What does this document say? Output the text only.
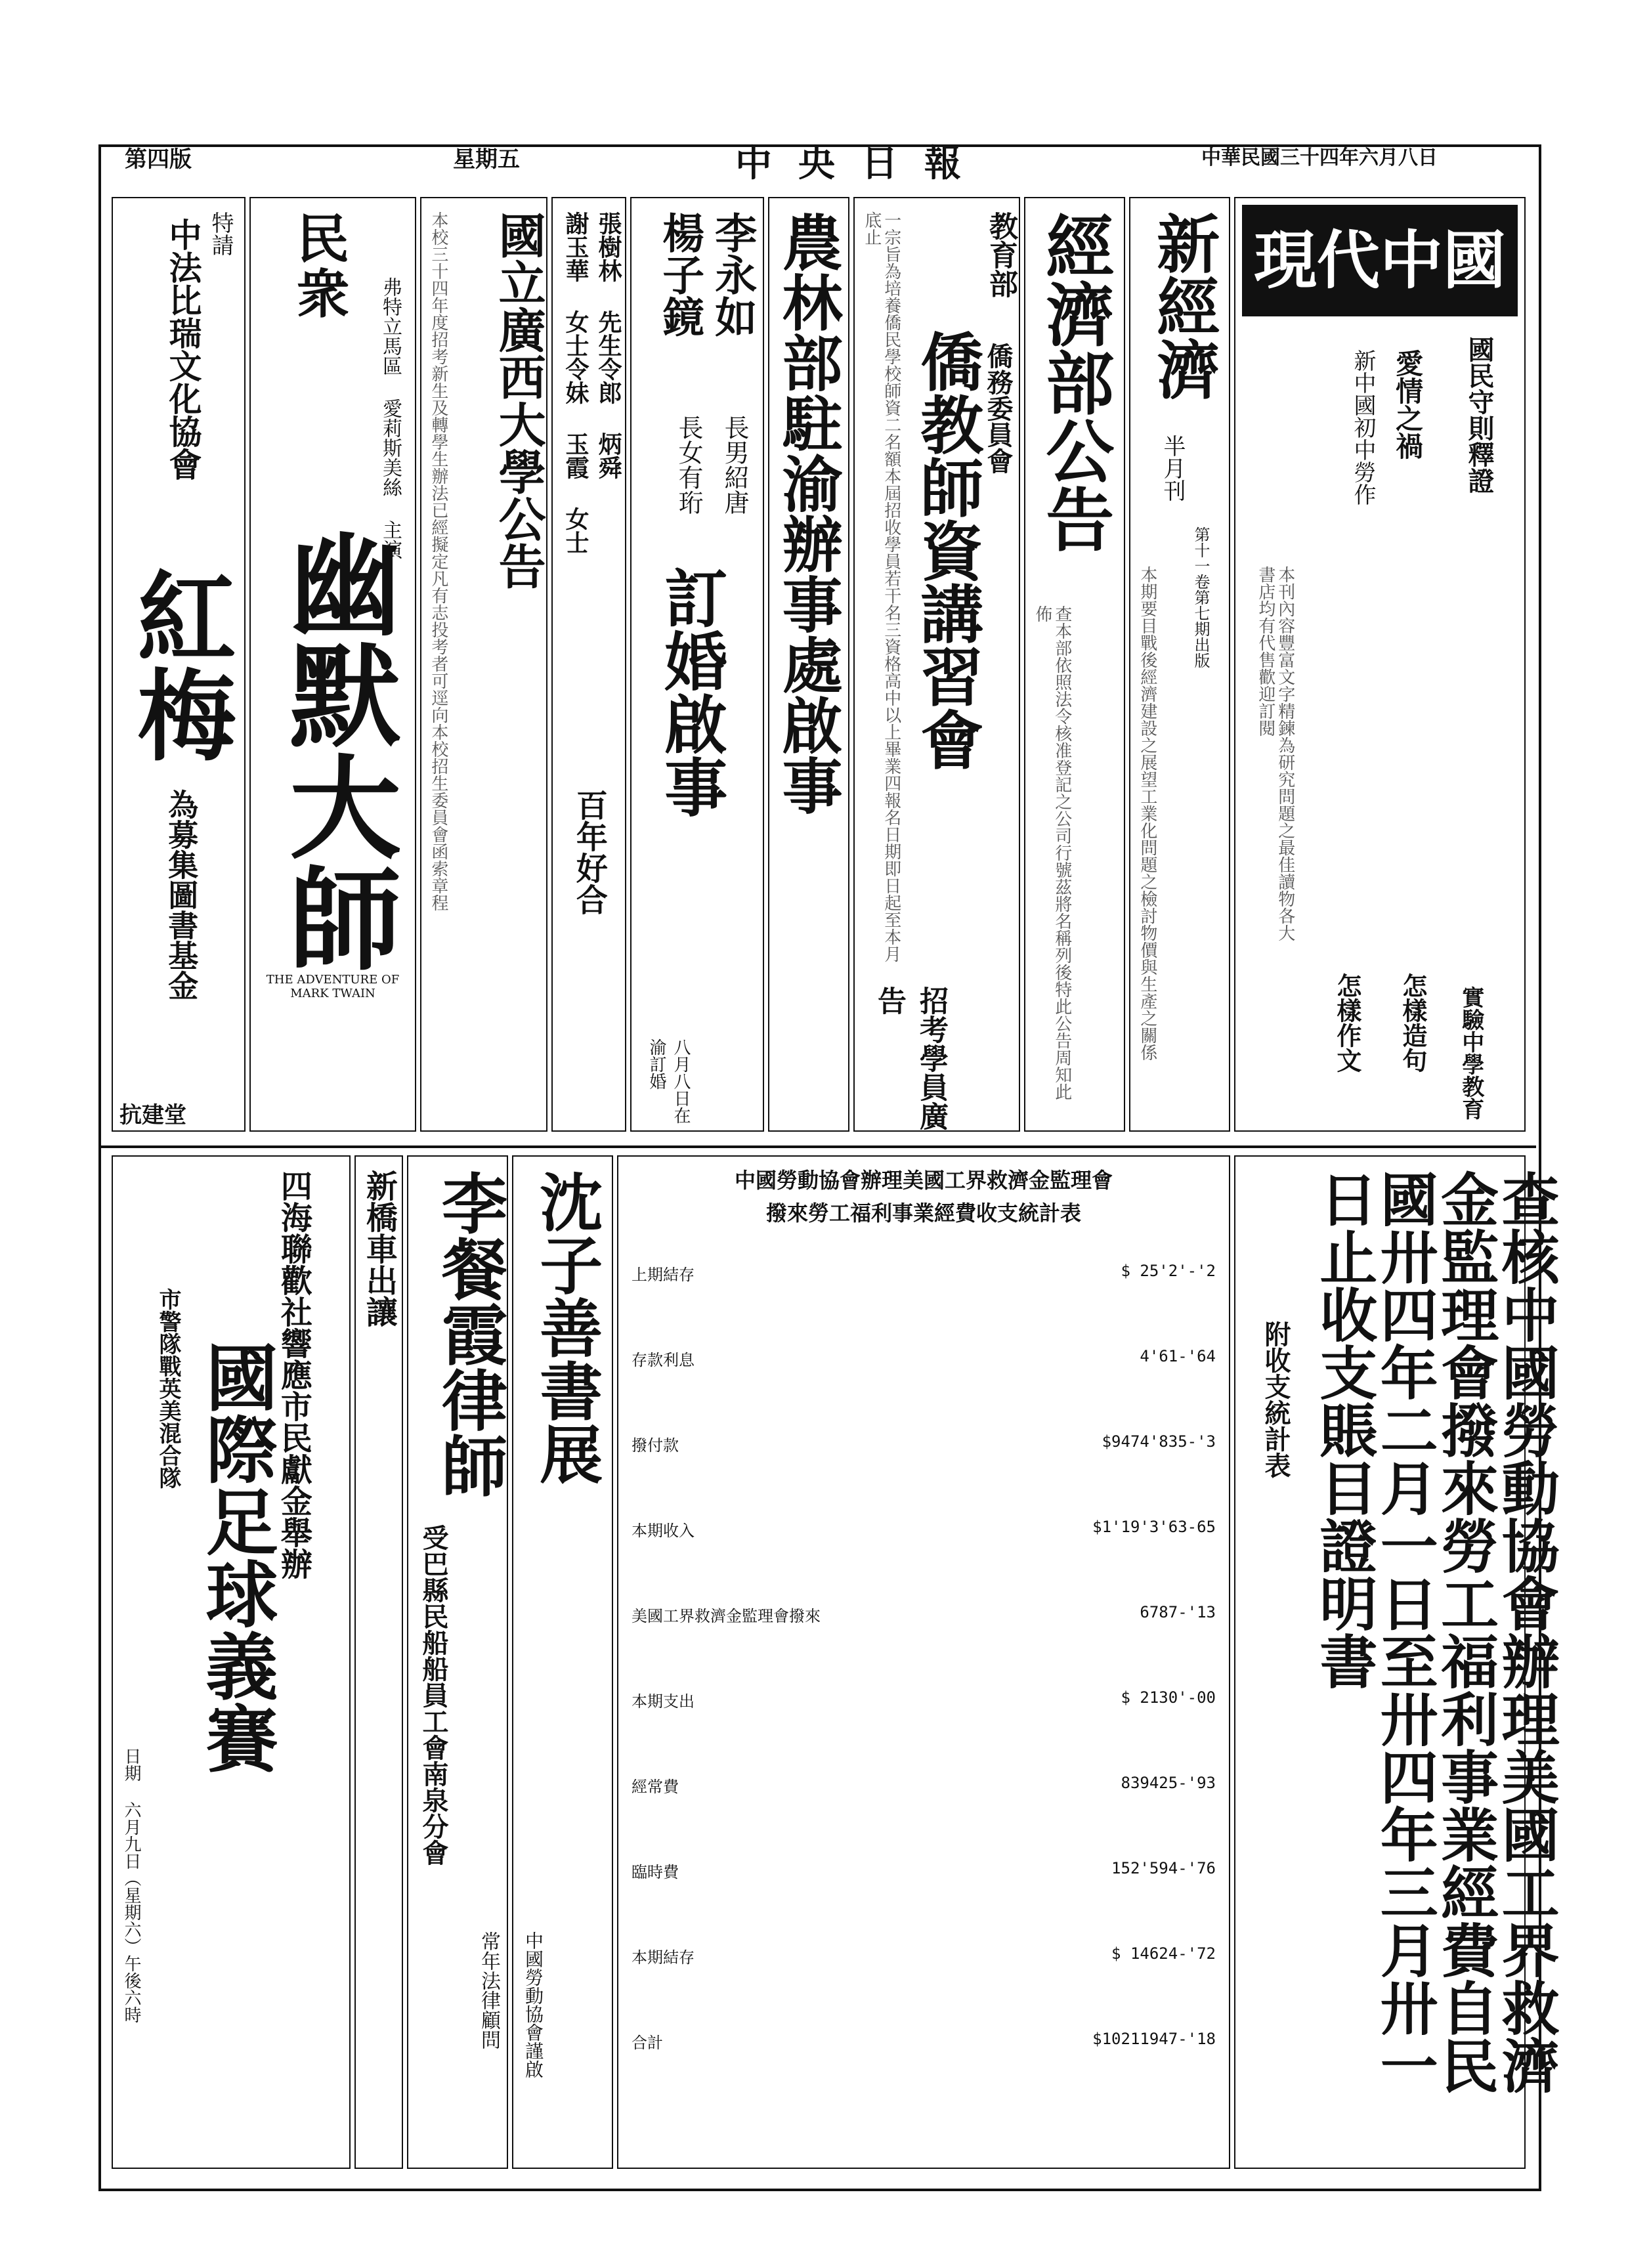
第四版	星期五	中央日報	中華民國三十四年六月八日
現代中國
國民守則釋證
愛情之禍
新中國初中勞作
本刊內容豐富文字精鍊為研究問題之最佳讀物各大書店均有代售歡迎訂閱
實驗中學教育
怎樣造句
怎樣作文
新經濟
半月刊
第十一卷第七期出版
本期要目戰後經濟建設之展望工業化問題之檢討物價與生產之關係
經濟部公告
查本部依照法令核准登記之公司行號茲將名稱列後特此公告周知此佈
教育部
僑務委員會
僑教師資講習會
招考學員廣告
一宗旨為培養僑民學校師資二名額本屆招收學員若干名三資格高中以上畢業四報名日期即日起至本月底止
農林部駐渝辦事處啟事
李永如
楊子鏡
長男紹唐
長女有珩
訂婚啟事
八月八日在渝訂婚
張樹林 先生令郎 炳舜
謝玉華 女士令妹 玉霞 女士
百年好合
國立廣西大學公告
本校三十四年度招考新生及轉學生辦法已經擬定凡有志投考者可逕向本校招生委員會函索章程
民衆
幽默大師
THE ADVENTURE OF MARK TWAIN
弗特立馬區 愛莉斯美絲 主演
特請
中法比瑞文化協會
紅梅
為募集圖書基金
抗建堂
查核中國勞動協會辦理美國工界救濟金監理會撥來勞工福利事業經費自民國卅四年二月一日至卅四年三月卅一日止收支賬目證明書
附收支統計表
中國勞動協會辦理美國工界救濟金監理會
撥來勞工福利事業經費收支統計表
上期結存	$ 25'2'-'2
存款利息	4'61-'64
撥付款	$9474'835-'3
本期收入	$1'19'3'63-65
美國工界救濟金監理會撥來	6787-'13
本期支出	$ 2130'-00
經常費	839425-'93
臨時費	152'594-'76
本期結存	$ 14624-'72
合計	$10211947-'18
沈子善書展
中國勞動協會謹啟
李餐霞律師
受巴縣民船船員工會南泉分會
常年法律顧問
新橋車出讓
四海聯歡社響應市民獻金舉辦
國際足球義賽
市警隊戰英美混合隊
日期 六月九日（星期六）午後六時
